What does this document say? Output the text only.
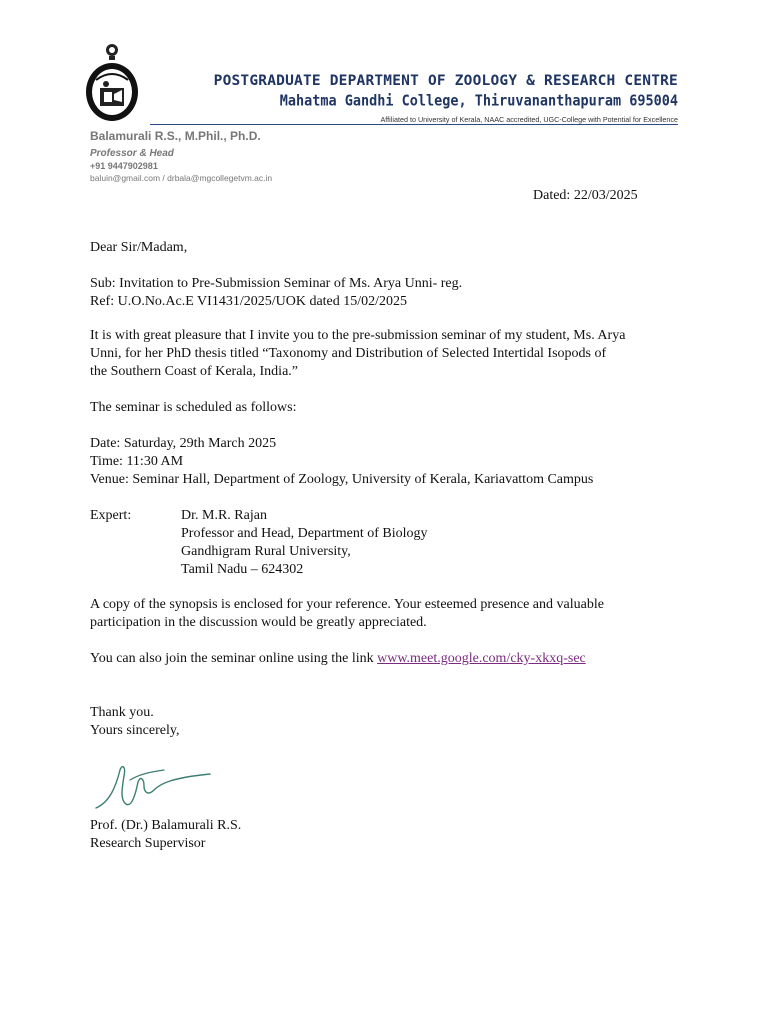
POSTGRADUATE DEPARTMENT OF ZOOLOGY & RESEARCH CENTRE
Mahatma Gandhi College, Thiruvananthapuram 695004
Affiliated to University of Kerala, NAAC accredited, UGC-College with Potential for Excellence
Balamurali R.S., M.Phil., Ph.D.
Professor & Head
+91 9447902981
baluin@gmail.com / drbala@mgcollegetvm.ac.in
Dated: 22/03/2025
Dear Sir/Madam,
Sub: Invitation to Pre-Submission Seminar of Ms. Arya Unni- reg.
Ref: U.O.No.Ac.E VI1431/2025/UOK dated 15/02/2025
It is with great pleasure that I invite you to the pre-submission seminar of my student, Ms. Arya
Unni, for her PhD thesis titled “Taxonomy and Distribution of Selected Intertidal Isopods of
the Southern Coast of Kerala, India.”
The seminar is scheduled as follows:
Date: Saturday, 29th March 2025
Time: 11:30 AM
Venue: Seminar Hall, Department of Zoology, University of Kerala, Kariavattom Campus
Expert:	Dr. M.R. Rajan
Professor and Head, Department of Biology
Gandhigram Rural University,
Tamil Nadu – 624302
A copy of the synopsis is enclosed for your reference. Your esteemed presence and valuable
participation in the discussion would be greatly appreciated.
You can also join the seminar online using the link www.meet.google.com/cky-xkxq-sec
Thank you.
Yours sincerely,
Prof. (Dr.) Balamurali R.S.
Research Supervisor
